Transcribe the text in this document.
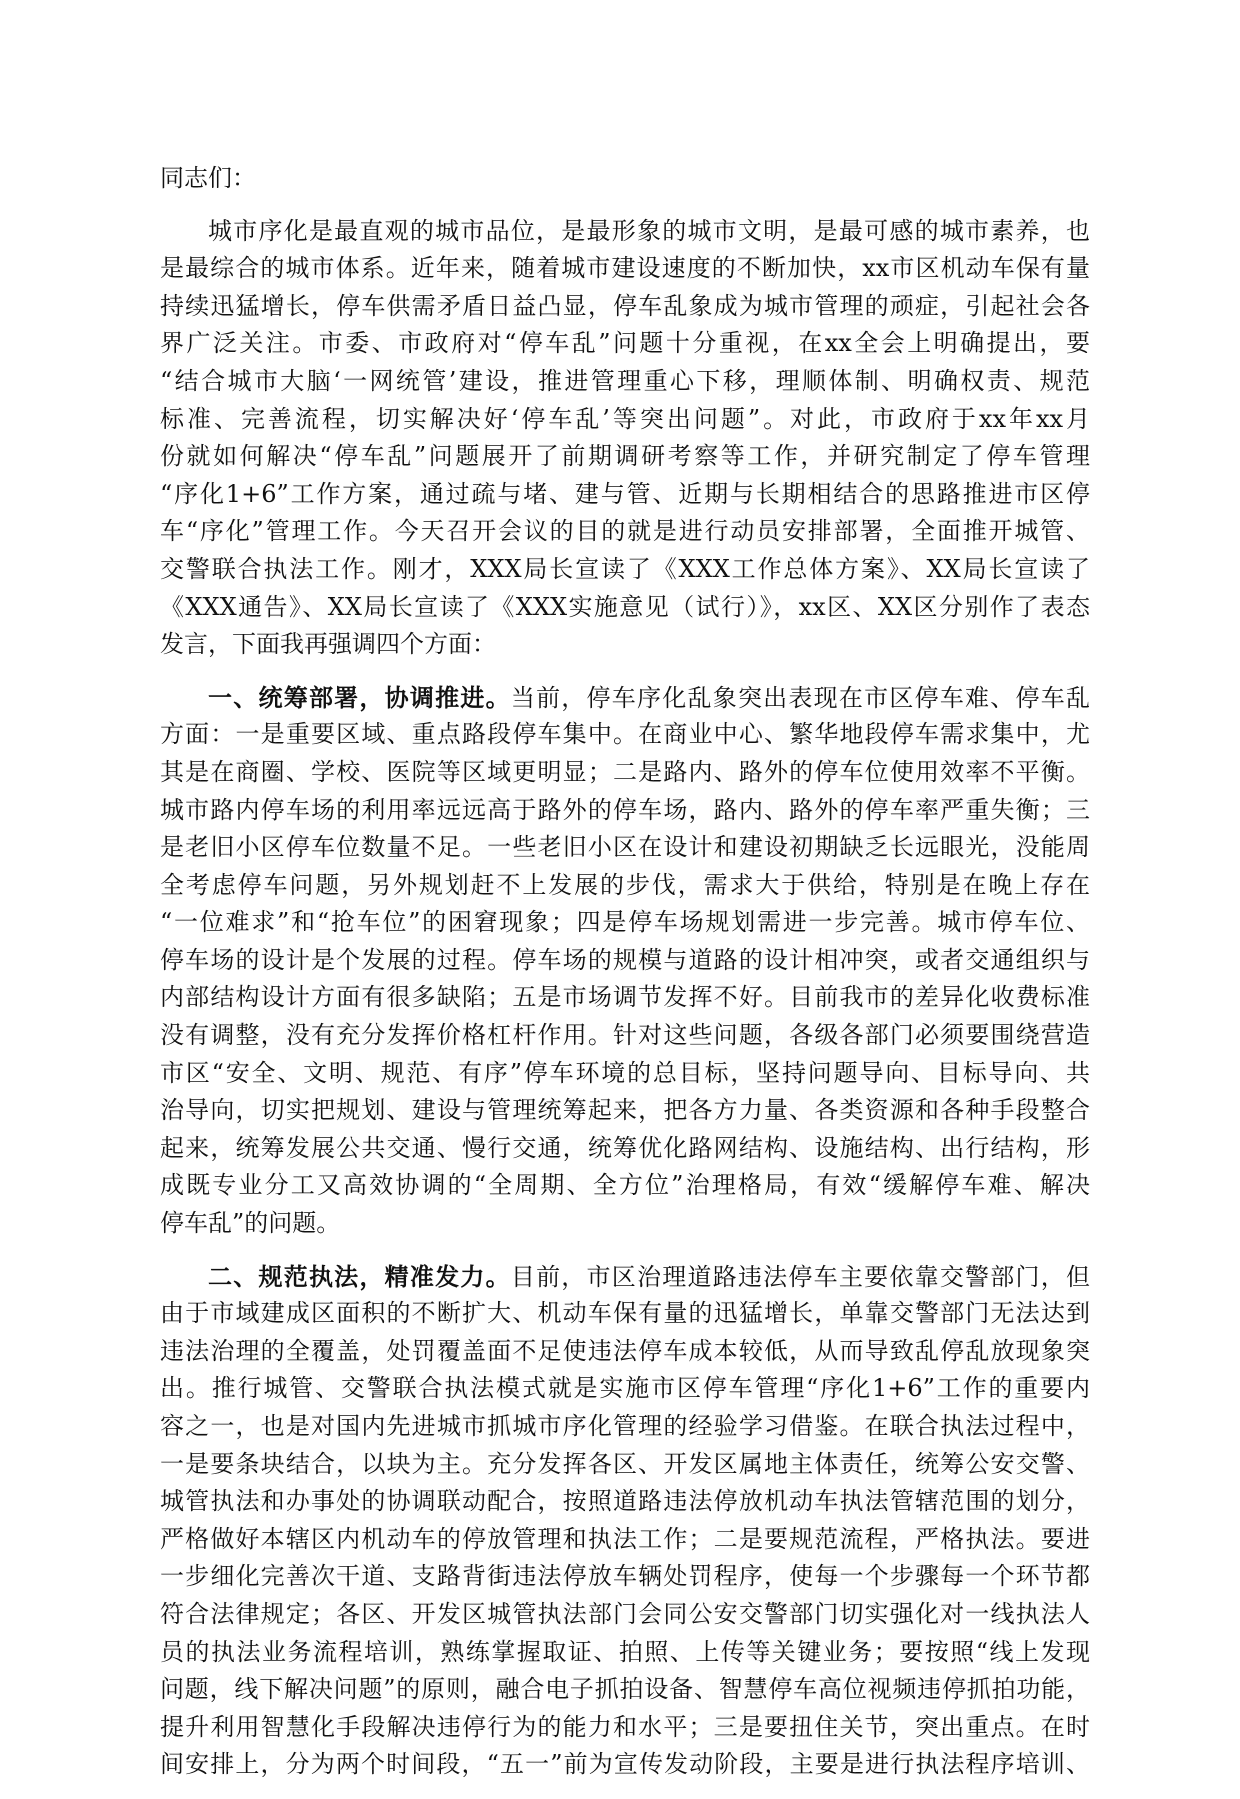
同志们：
城市序化是最直观的城市品位，是最形象的城市文明，是最可感的城市素养，也
是最综合的城市体系。近年来，随着城市建设速度的不断加快，xx市区机动车保有量
持续迅猛增长，停车供需矛盾日益凸显，停车乱象成为城市管理的顽症，引起社会各
界广泛关注。市委、市政府对“停车乱”问题十分重视，在xx全会上明确提出，要
“结合城市大脑‘一网统管’建设，推进管理重心下移，理顺体制、明确权责、规范
标准、完善流程，切实解决好‘停车乱’等突出问题”。对此，市政府于xx年xx月
份就如何解决“停车乱”问题展开了前期调研考察等工作，并研究制定了停车管理
“序化1+6”工作方案，通过疏与堵、建与管、近期与长期相结合的思路推进市区停
车“序化”管理工作。今天召开会议的目的就是进行动员安排部署，全面推开城管、
交警联合执法工作。刚才，XXX局长宣读了《XXX工作总体方案》、XX局长宣读了
《XXX通告》、XX局长宣读了《XXX实施意见（试行）》，xx区、XX区分别作了表态
发言，下面我再强调四个方面：
一、统筹部署，协调推进。当前，停车序化乱象突出表现在市区停车难、停车乱
方面：一是重要区域、重点路段停车集中。在商业中心、繁华地段停车需求集中，尤
其是在商圈、学校、医院等区域更明显；二是路内、路外的停车位使用效率不平衡。
城市路内停车场的利用率远远高于路外的停车场，路内、路外的停车率严重失衡；三
是老旧小区停车位数量不足。一些老旧小区在设计和建设初期缺乏长远眼光，没能周
全考虑停车问题，另外规划赶不上发展的步伐，需求大于供给，特别是在晚上存在
“一位难求”和“抢车位”的困窘现象；四是停车场规划需进一步完善。城市停车位、
停车场的设计是个发展的过程。停车场的规模与道路的设计相冲突，或者交通组织与
内部结构设计方面有很多缺陷；五是市场调节发挥不好。目前我市的差异化收费标准
没有调整，没有充分发挥价格杠杆作用。针对这些问题，各级各部门必须要围绕营造
市区“安全、文明、规范、有序”停车环境的总目标，坚持问题导向、目标导向、共
治导向，切实把规划、建设与管理统筹起来，把各方力量、各类资源和各种手段整合
起来，统筹发展公共交通、慢行交通，统筹优化路网结构、设施结构、出行结构，形
成既专业分工又高效协调的“全周期、全方位”治理格局，有效“缓解停车难、解决
停车乱”的问题。
二、规范执法，精准发力。目前，市区治理道路违法停车主要依靠交警部门，但
由于市域建成区面积的不断扩大、机动车保有量的迅猛增长，单靠交警部门无法达到
违法治理的全覆盖，处罚覆盖面不足使违法停车成本较低，从而导致乱停乱放现象突
出。推行城管、交警联合执法模式就是实施市区停车管理“序化1+6”工作的重要内
容之一，也是对国内先进城市抓城市序化管理的经验学习借鉴。在联合执法过程中，
一是要条块结合，以块为主。充分发挥各区、开发区属地主体责任，统筹公安交警、
城管执法和办事处的协调联动配合，按照道路违法停放机动车执法管辖范围的划分，
严格做好本辖区内机动车的停放管理和执法工作；二是要规范流程，严格执法。要进
一步细化完善次干道、支路背街违法停放车辆处罚程序，使每一个步骤每一个环节都
符合法律规定；各区、开发区城管执法部门会同公安交警部门切实强化对一线执法人
员的执法业务流程培训，熟练掌握取证、拍照、上传等关键业务；要按照“线上发现
问题，线下解决问题”的原则，融合电子抓拍设备、智慧停车高位视频违停抓拍功能，
提升利用智慧化手段解决违停行为的能力和水平；三是要扭住关节，突出重点。在时
间安排上，分为两个时间段，“五一”前为宣传发动阶段，主要是进行执法程序培训、
